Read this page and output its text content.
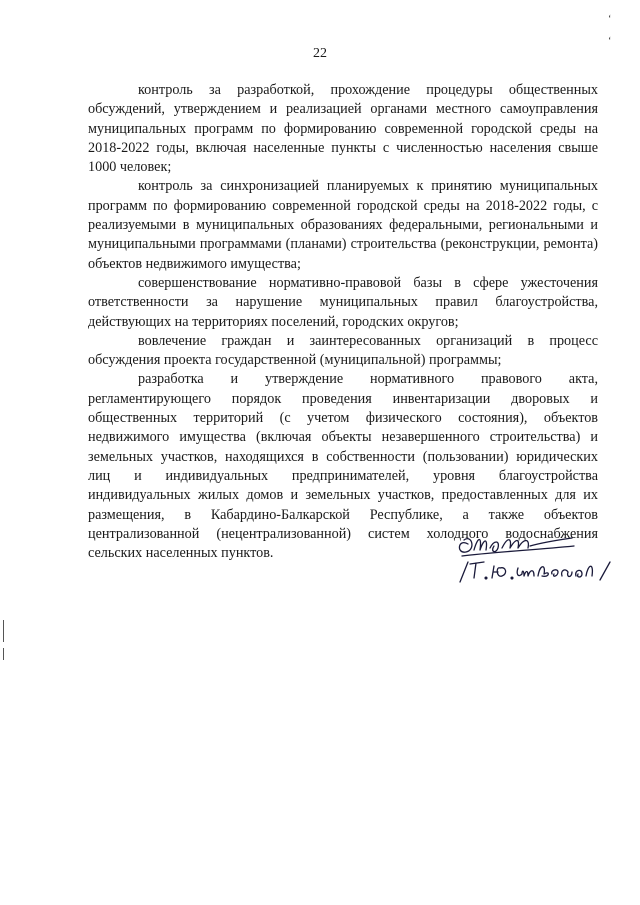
ʻ
ʻ
22

контроль за разработкой, прохождение процедуры общественных обсуждений, утверждением и реализацией органами местного самоуправления муниципальных программ по формированию современной городской среды на 2018-2022 годы, включая населенные пункты с численностью населения свыше 1000 человек;

контроль за синхронизацией планируемых к принятию муниципальных программ по формированию современной городской среды на 2018-2022 годы, с реализуемыми в муниципальных образованиях федеральными, региональными и муниципальными программами (планами) строительства (реконструкции, ремонта) объектов недвижимого имущества;

совершенствование нормативно-правовой базы в сфере ужесточения ответственности за нарушение муниципальных правил благоустройства, действующих на территориях поселений, городских округов;

вовлечение граждан и заинтересованных организаций в процесс обсуждения проекта государственной (муниципальной) программы;

разработка и утверждение нормативного правового акта, регламентирующего порядок проведения инвентаризации дворовых и общественных территорий (с учетом физического состояния), объектов недвижимого имущества (включая объекты незавершенного строительства) и земельных участков, находящихся в собственности (пользовании) юридических лиц и индивидуальных предпринимателей, уровня благоустройства индивидуальных жилых домов и земельных участков, предоставленных для их размещения, в Кабардино-Балкарской Республике, а также объектов централизованной (нецентрализованной) систем холодного водоснабжения сельских населенных пунктов.
